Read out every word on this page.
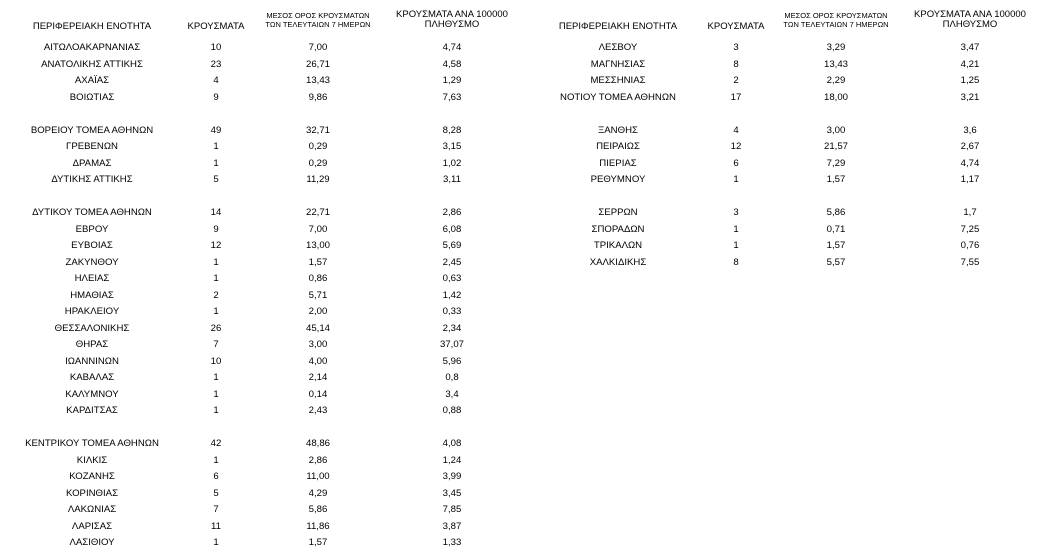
ΠΕΡΙΦΕΡΕΙΑΚΗ ΕΝΟΤΗΤΑ	ΚΡΟΥΣΜΑΤΑ
ΜΕΣΟΣ ΟΡΟΣ ΚΡΟΥΣΜΑΤΩΝ
ΤΩΝ ΤΕΛΕΥΤΑΙΩΝ 7 ΗΜΕΡΩΝ
ΚΡΟΥΣΜΑΤΑ ΑΝΑ 100000
ΠΛΗΘΥΣΜΟ
ΑΙΤΩΛΟΑΚΑΡΝΑΝΙΑΣ	10	7,00	4,74
ΑΝΑΤΟΛΙΚΗΣ ΑΤΤΙΚΗΣ	23	26,71	4,58
ΑΧΑΪΑΣ	4	13,43	1,29
ΒΟΙΩΤΙΑΣ	9	9,86	7,63
ΒΟΡΕΙΟΥ ΤΟΜΕΑ ΑΘΗΝΩΝ	49	32,71	8,28
ΓΡΕΒΕΝΩΝ	1	0,29	3,15
ΔΡΑΜΑΣ	1	0,29	1,02
ΔΥΤΙΚΗΣ ΑΤΤΙΚΗΣ	5	11,29	3,11
ΔΥΤΙΚΟΥ ΤΟΜΕΑ ΑΘΗΝΩΝ	14	22,71	2,86
ΕΒΡΟΥ	9	7,00	6,08
ΕΥΒΟΙΑΣ	12	13,00	5,69
ΖΑΚΥΝΘΟΥ	1	1,57	2,45
ΗΛΕΙΑΣ	1	0,86	0,63
ΗΜΑΘΙΑΣ	2	5,71	1,42
ΗΡΑΚΛΕΙΟΥ	1	2,00	0,33
ΘΕΣΣΑΛΟΝΙΚΗΣ	26	45,14	2,34
ΘΗΡΑΣ	7	3,00	37,07
ΙΩΑΝΝΙΝΩΝ	10	4,00	5,96
ΚΑΒΑΛΑΣ	1	2,14	0,8
ΚΑΛΥΜΝΟΥ	1	0,14	3,4
ΚΑΡΔΙΤΣΑΣ	1	2,43	0,88
ΚΕΝΤΡΙΚΟΥ ΤΟΜΕΑ ΑΘΗΝΩΝ	42	48,86	4,08
ΚΙΛΚΙΣ	1	2,86	1,24
ΚΟΖΑΝΗΣ	6	11,00	3,99
ΚΟΡΙΝΘΙΑΣ	5	4,29	3,45
ΛΑΚΩΝΙΑΣ	7	5,86	7,85
ΛΑΡΙΣΑΣ	11	11,86	3,87
ΛΑΣΙΘΙΟΥ	1	1,57	1,33
ΠΕΡΙΦΕΡΕΙΑΚΗ ΕΝΟΤΗΤΑ	ΚΡΟΥΣΜΑΤΑ
ΜΕΣΟΣ ΟΡΟΣ ΚΡΟΥΣΜΑΤΩΝ
ΤΩΝ ΤΕΛΕΥΤΑΙΩΝ 7 ΗΜΕΡΩΝ
ΚΡΟΥΣΜΑΤΑ ΑΝΑ 100000
ΠΛΗΘΥΣΜΟ
ΛΕΣΒΟΥ	3	3,29	3,47
ΜΑΓΝΗΣΙΑΣ	8	13,43	4,21
ΜΕΣΣΗΝΙΑΣ	2	2,29	1,25
ΝΟΤΙΟΥ ΤΟΜΕΑ ΑΘΗΝΩΝ	17	18,00	3,21
ΞΑΝΘΗΣ	4	3,00	3,6
ΠΕΙΡΑΙΩΣ	12	21,57	2,67
ΠΙΕΡΙΑΣ	6	7,29	4,74
ΡΕΘΥΜΝΟΥ	1	1,57	1,17
ΣΕΡΡΩΝ	3	5,86	1,7
ΣΠΟΡΑΔΩΝ	1	0,71	7,25
ΤΡΙΚΑΛΩΝ	1	1,57	0,76
ΧΑΛΚΙΔΙΚΗΣ	8	5,57	7,55
